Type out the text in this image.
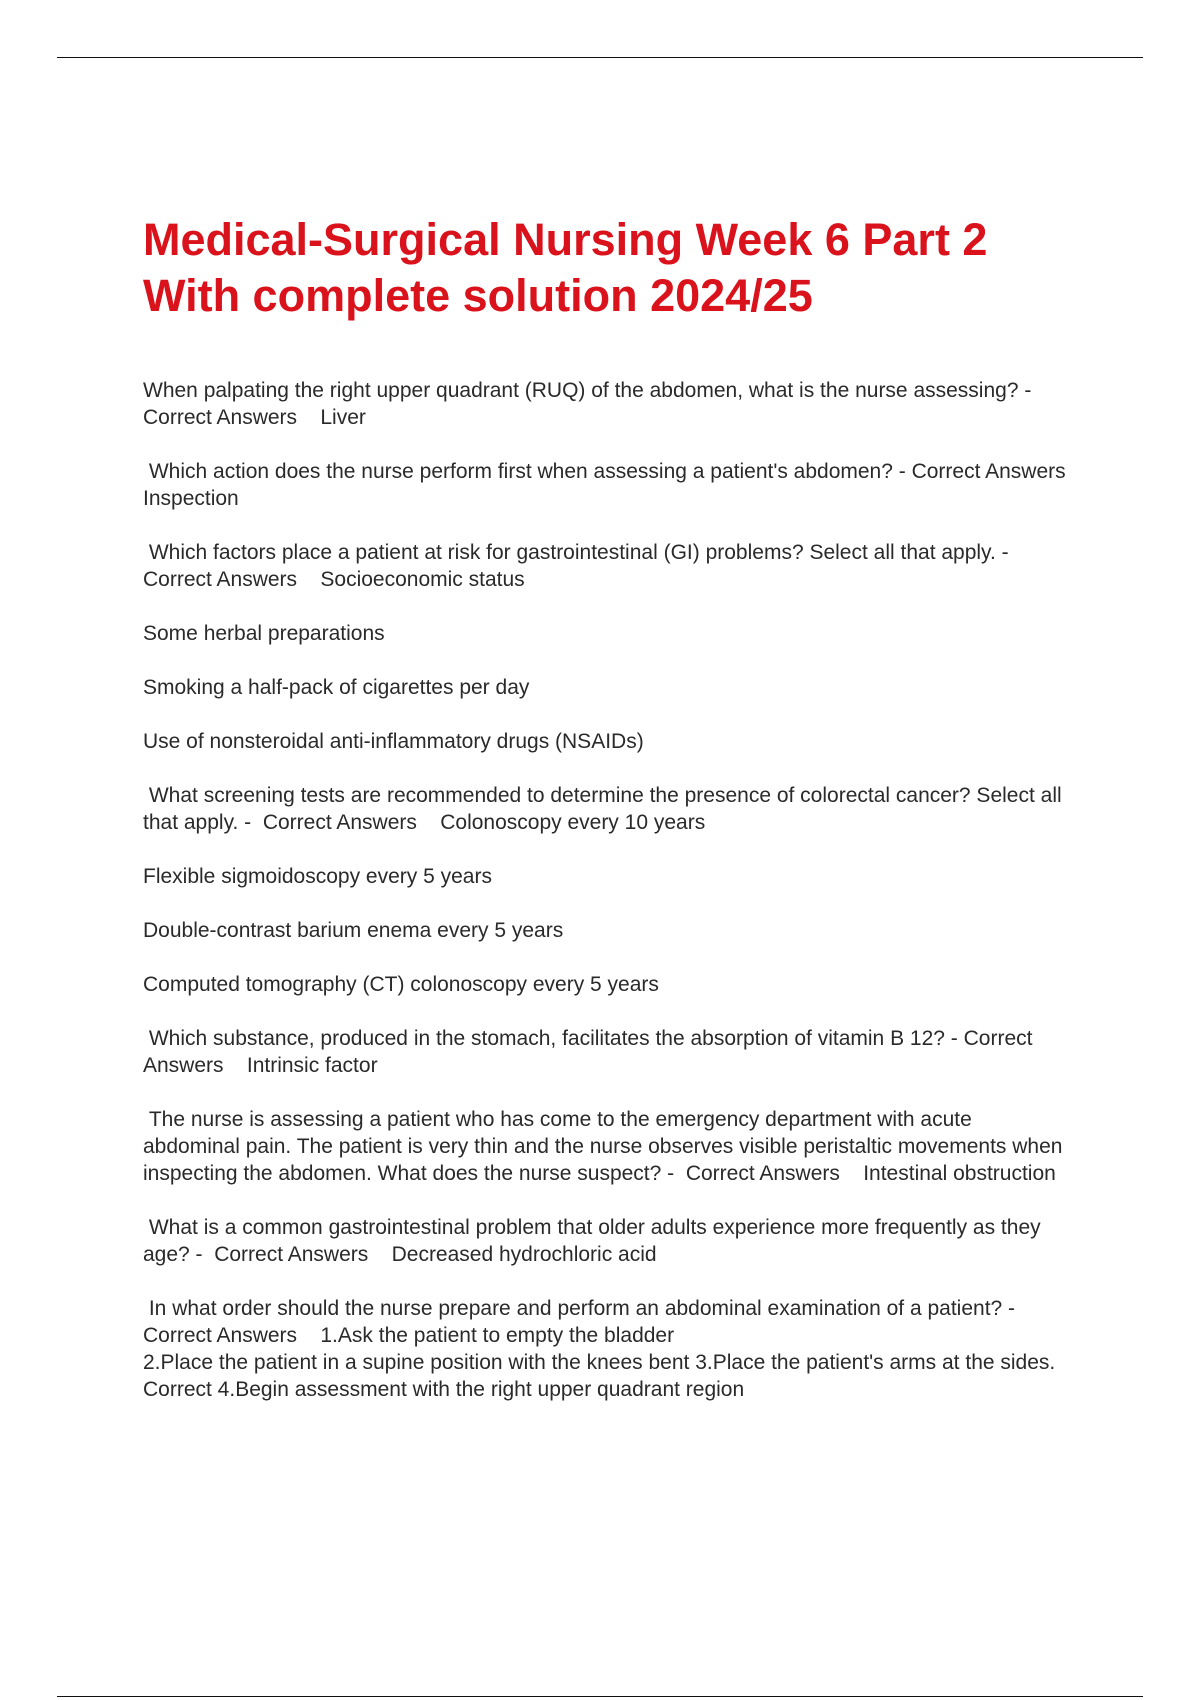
Medical-Surgical Nursing Week 6 Part 2
With complete solution 2024/25

When palpating the right upper quadrant (RUQ) of the abdomen, what is the nurse assessing? -  Correct Answers    Liver

Which action does the nurse perform first when assessing a patient's abdomen? - Correct Answers    Inspection

Which factors place a patient at risk for gastrointestinal (GI) problems? Select all that apply. -  Correct Answers    Socioeconomic status

Some herbal preparations

Smoking a half-pack of cigarettes per day

Use of nonsteroidal anti-inflammatory drugs (NSAIDs)

What screening tests are recommended to determine the presence of colorectal cancer? Select all that apply. -  Correct Answers    Colonoscopy every 10 years

Flexible sigmoidoscopy every 5 years

Double-contrast barium enema every 5 years

Computed tomography (CT) colonoscopy every 5 years

Which substance, produced in the stomach, facilitates the absorption of vitamin B 12? - Correct Answers    Intrinsic factor

The nurse is assessing a patient who has come to the emergency department with acute abdominal pain. The patient is very thin and the nurse observes visible peristaltic movements when inspecting the abdomen. What does the nurse suspect? -  Correct Answers    Intestinal obstruction

What is a common gastrointestinal problem that older adults experience more frequently as they age? -  Correct Answers    Decreased hydrochloric acid

In what order should the nurse prepare and perform an abdominal examination of a patient? -  Correct Answers    1.Ask the patient to empty the bladder
2.Place the patient in a supine position with the knees bent 3.Place the patient's arms at the sides.
Correct 4.Begin assessment with the right upper quadrant region
